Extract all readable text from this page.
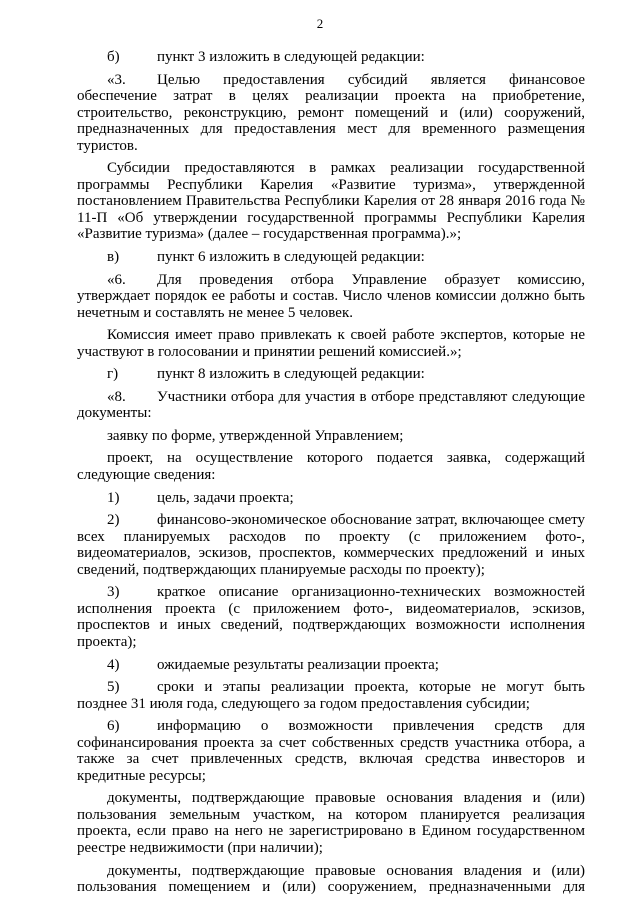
2
б)	пункт 3 изложить в следующей редакции:

«3. Целью предоставления субсидий является финансовое обеспечение затрат в целях реализации проекта на приобретение, строительство, реконструкцию, ремонт помещений и (или) сооружений, предназначенных для предоставления мест для временного размещения туристов.

Субсидии предоставляются в рамках реализации государственной программы Республики Карелия «Развитие туризма», утвержденной постановлением Правительства Республики Карелия от 28 января 2016 года № 11-П «Об утверждении государственной программы Республики Карелия «Развитие туризма» (далее – государственная программа).»;

в)	пункт 6 изложить в следующей редакции:

«6. Для проведения отбора Управление образует комиссию, утверждает порядок ее работы и состав. Число членов комиссии должно быть нечетным и составлять не менее 5 человек.

Комиссия имеет право привлекать к своей работе экспертов, которые не участвуют в голосовании и принятии решений комиссией.»;

г)	пункт 8 изложить в следующей редакции:

«8. Участники отбора для участия в отборе представляют следующие документы:

заявку по форме, утвержденной Управлением;

проект, на осуществление которого подается заявка, содержащий следующие сведения:

1)	цель, задачи проекта;

2)	финансово-экономическое обоснование затрат, включающее смету всех планируемых расходов по проекту (с приложением фото-, видеоматериалов, эскизов, проспектов, коммерческих предложений и иных сведений, подтверждающих планируемые расходы по проекту);

3)	краткое описание организационно-технических возможностей исполнения проекта (с приложением фото-, видеоматериалов, эскизов, проспектов и иных сведений, подтверждающих возможности исполнения проекта);

4)	ожидаемые результаты реализации проекта;

5)	сроки и этапы реализации проекта, которые не могут быть позднее 31 июля года, следующего за годом предоставления субсидии;

6)	информацию о возможности привлечения средств для софинансирования проекта за счет собственных средств участника отбора, а также за счет привлеченных средств, включая средства инвесторов и кредитные ресурсы;

документы, подтверждающие правовые основания владения и (или) пользования земельным участком, на котором планируется реализация проекта, если право на него не зарегистрировано в Едином государственном реестре недвижимости (при наличии);

документы, подтверждающие правовые основания владения и (или) пользования помещением и (или) сооружением, предназначенными для
